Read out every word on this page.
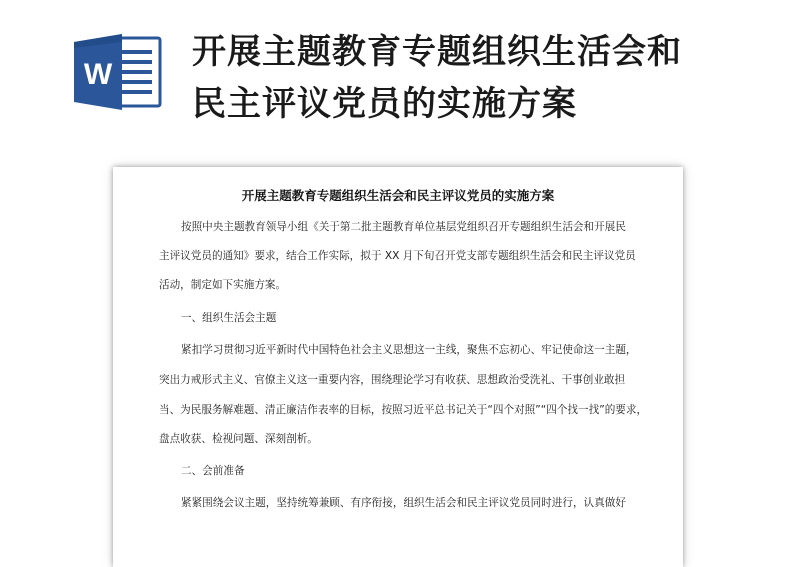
W
开展主题教育专题组织生活会和
民主评议党员的实施方案
开展主题教育专题组织生活会和民主评议党员的实施方案
按照中央主题教育领导小组《关于第二批主题教育单位基层党组织召开专题组织生活会和开展民
主评议党员的通知》要求，结合工作实际，拟于 XX 月下旬召开党支部专题组织生活会和民主评议党员
活动，制定如下实施方案。
一、组织生活会主题
紧扣学习贯彻习近平新时代中国特色社会主义思想这一主线，聚焦不忘初心、牢记使命这一主题，
突出力戒形式主义、官僚主义这一重要内容，围绕理论学习有收获、思想政治受洗礼、干事创业敢担
当、为民服务解难题、清正廉洁作表率的目标，按照习近平总书记关于“四个对照”“四个找一找”的要求，
盘点收获、检视问题、深刻剖析。
二、会前准备
紧紧围绕会议主题，坚持统筹兼顾、有序衔接，组织生活会和民主评议党员同时进行，认真做好
